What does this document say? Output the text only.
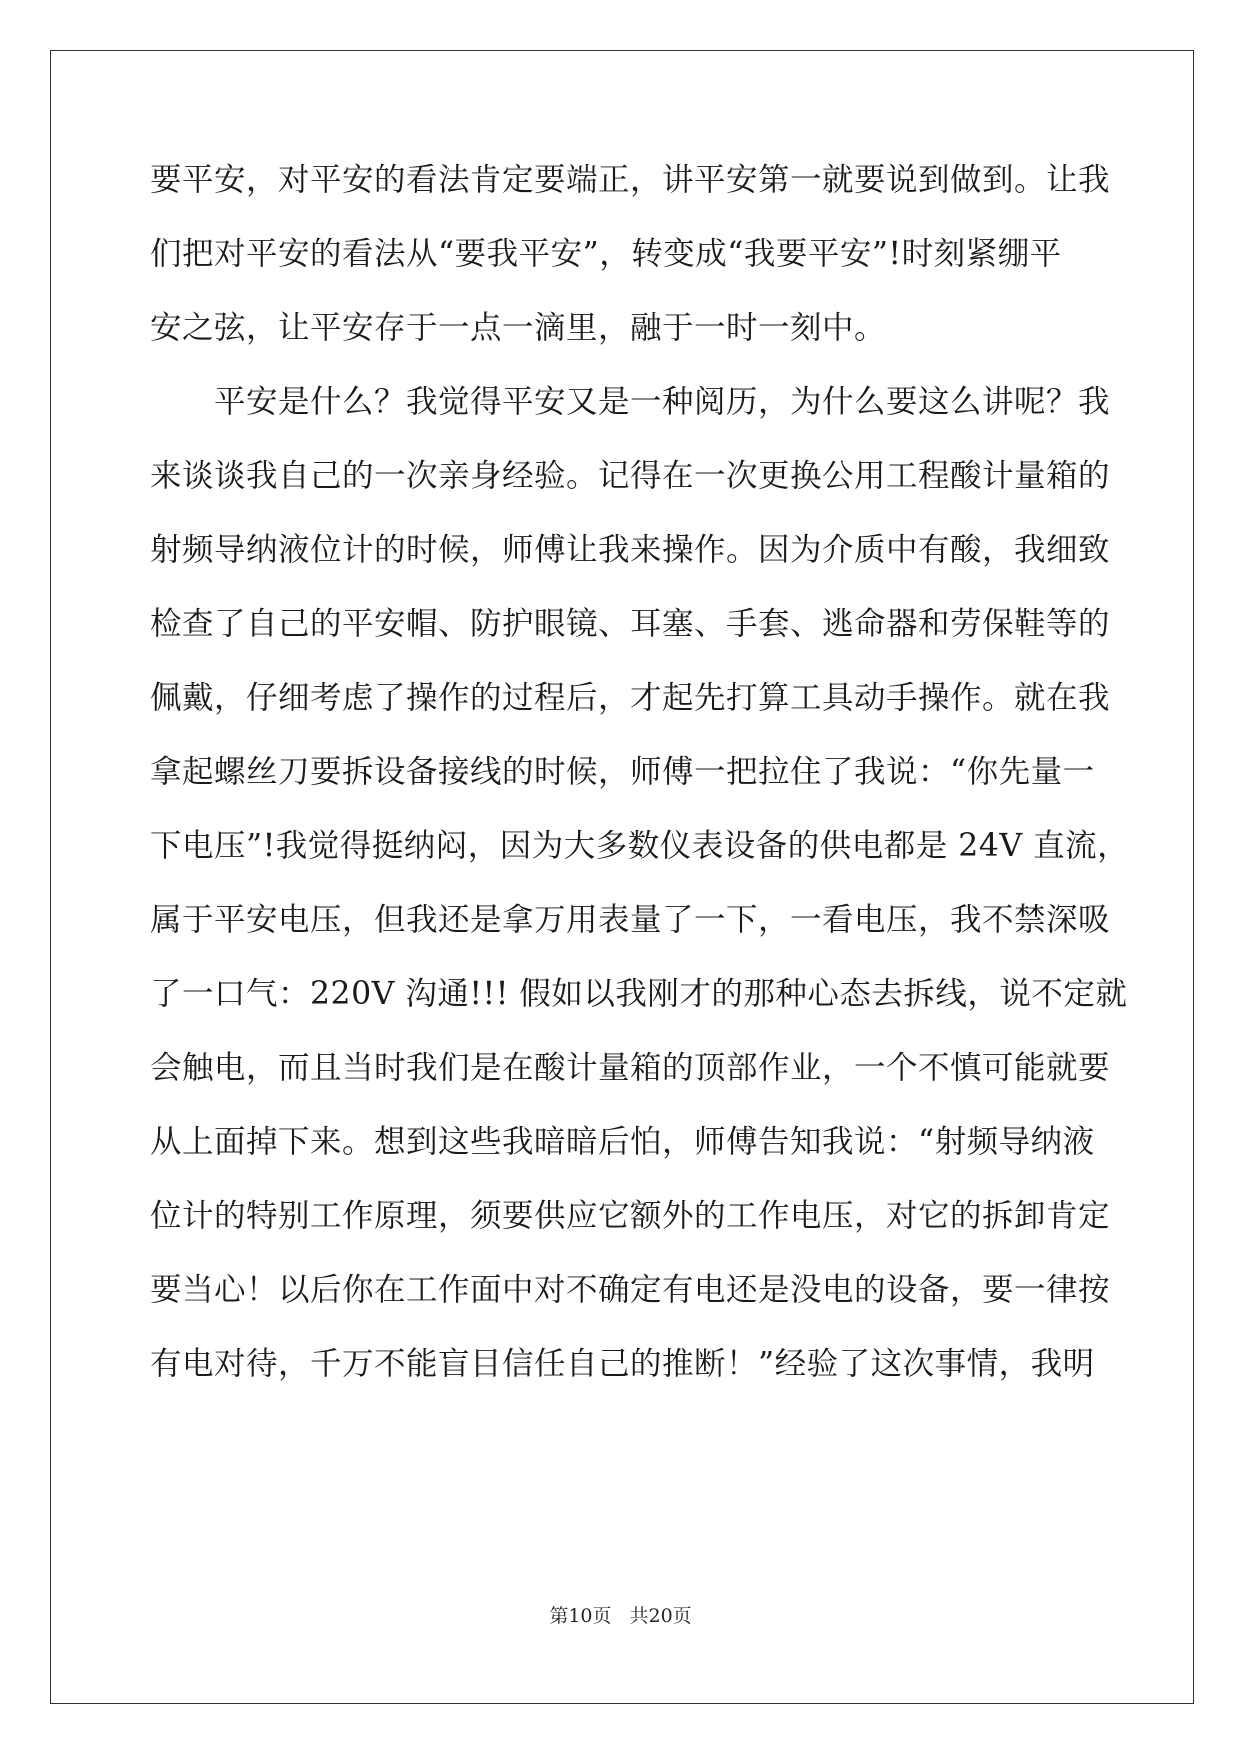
要平安，对平安的看法肯定要端正，讲平安第一就要说到做到。让我
们把对平安的看法从“要我平安”，转变成“我要平安”!时刻紧绷平
安之弦，让平安存于一点一滴里，融于一时一刻中。
　　平安是什么？我觉得平安又是一种阅历，为什么要这么讲呢？我
来谈谈我自己的一次亲身经验。记得在一次更换公用工程酸计量箱的
射频导纳液位计的时候，师傅让我来操作。因为介质中有酸，我细致
检查了自己的平安帽、防护眼镜、耳塞、手套、逃命器和劳保鞋等的
佩戴，仔细考虑了操作的过程后，才起先打算工具动手操作。就在我
拿起螺丝刀要拆设备接线的时候，师傅一把拉住了我说：“你先量一
下电压”!我觉得挺纳闷，因为大多数仪表设备的供电都是 24V 直流，
属于平安电压，但我还是拿万用表量了一下，一看电压，我不禁深吸
了一口气：220V 沟通!!! 假如以我刚才的那种心态去拆线，说不定就
会触电，而且当时我们是在酸计量箱的顶部作业，一个不慎可能就要
从上面掉下来。想到这些我暗暗后怕，师傅告知我说：“射频导纳液
位计的特别工作原理，须要供应它额外的工作电压，对它的拆卸肯定
要当心！以后你在工作面中对不确定有电还是没电的设备，要一律按
有电对待，千万不能盲目信任自己的推断！”经验了这次事情，我明
第10页 共20页
